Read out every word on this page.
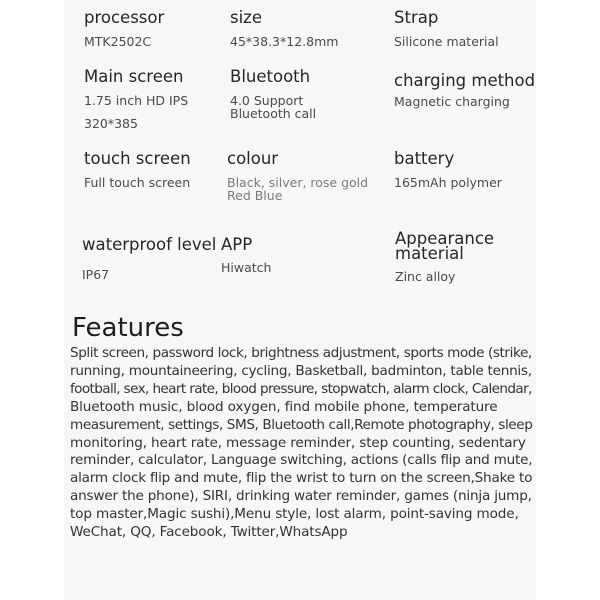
processor
MTK2502C
size
45*38.3*12.8mm
Strap
Silicone material
Main screen
1.75 inch HD IPS
320*385
Bluetooth
4.0 Support
Bluetooth call
charging method
Magnetic charging
touch screen
Full touch screen
colour
Black, silver, rose gold
Red Blue
battery
165mAh polymer
waterproof level
IP67
APP
Hiwatch
Appearance
material
Zinc alloy
Features
Split screen, password lock, brightness adjustment, sports mode (strike,
running, mountaineering, cycling, Basketball, badminton, table tennis,
football, sex, heart rate, blood pressure, stopwatch, alarm clock, Calendar,
Bluetooth music, blood oxygen, find mobile phone, temperature
measurement, settings, SMS, Bluetooth call,Remote photography, sleep
monitoring, heart rate, message reminder, step counting, sedentary
reminder, calculator, Language switching, actions (calls flip and mute,
alarm clock flip and mute, flip the wrist to turn on the screen,Shake to
answer the phone), SIRI, drinking water reminder, games (ninja jump,
top master,Magic sushi),Menu style, lost alarm, point-saving mode,
WeChat, QQ, Facebook, Twitter,WhatsApp
